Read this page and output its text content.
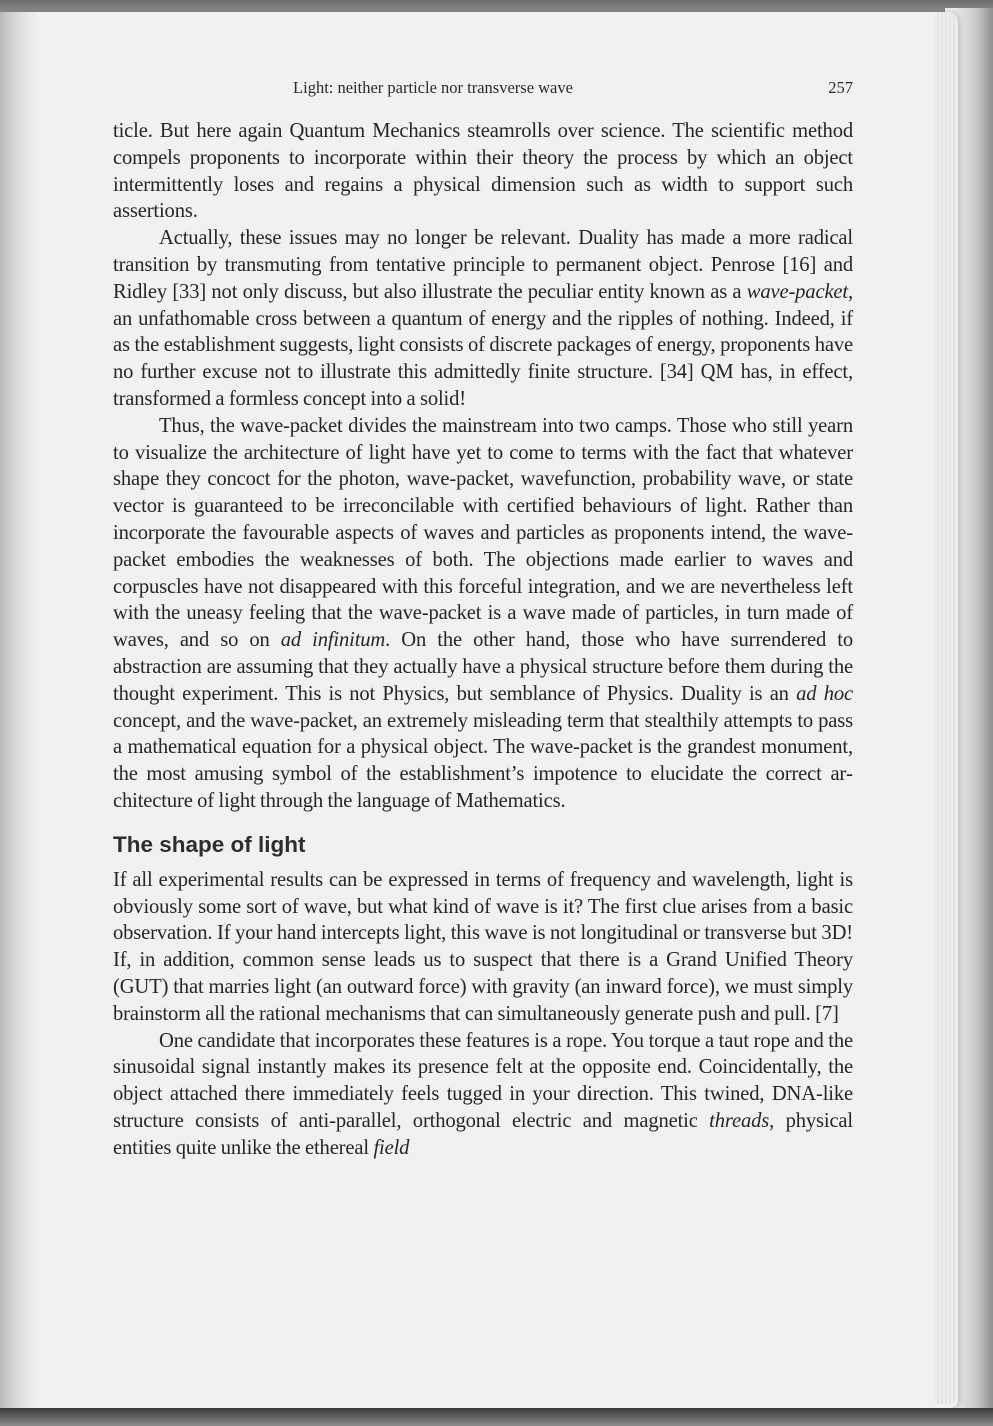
Light: neither particle nor transverse wave	257

ticle. But here again Quantum Mechanics steamrolls over science. The scientific method compels proponents to incorporate within their theory the process by which an object intermittently loses and regains a physical dimension such as width to support such assertions.

Actually, these issues may no longer be relevant. Duality has made a more radical transition by transmuting from tentative principle to permanent object. Penrose [16] and Ridley [33] not only discuss, but also illustrate the peculiar entity known as a wave-packet, an unfathomable cross between a quantum of energy and the ripples of nothing. Indeed, if as the establishment suggests, light consists of discrete packages of energy, proponents have no further excuse not to illustrate this admittedly finite structure. [34] QM has, in effect, transformed a formless concept into a solid!

Thus, the wave-packet divides the mainstream into two camps. Those who still yearn to visualize the architecture of light have yet to come to terms with the fact that whatever shape they concoct for the photon, wave-packet, wavefunction, probability wave, or state vector is guaranteed to be irreconcilable with certified behaviours of light. Rather than incorporate the favourable aspects of waves and particles as proponents intend, the wave-packet embodies the weaknesses of both. The objections made earlier to waves and corpuscles have not disappeared with this forceful integration, and we are nevertheless left with the uneasy feeling that the wave-packet is a wave made of particles, in turn made of waves, and so on ad infinitum. On the other hand, those who have surrendered to abstraction are assuming that they actually have a physical structure before them during the thought experiment. This is not Physics, but semblance of Physics. Duality is an ad hoc concept, and the wave-packet, an extremely misleading term that stealthily attempts to pass a mathematical equation for a physical object. The wave-packet is the grandest monument, the most amusing symbol of the establishment’s impotence to elucidate the correct architecture of light through the language of Mathematics.

The shape of light

If all experimental results can be expressed in terms of frequency and wavelength, light is obviously some sort of wave, but what kind of wave is it? The first clue arises from a basic observation. If your hand intercepts light, this wave is not longitudinal or transverse but 3D! If, in addition, common sense leads us to suspect that there is a Grand Unified Theory (GUT) that marries light (an outward force) with gravity (an inward force), we must simply brainstorm all the rational mechanisms that can simultaneously generate push and pull. [7]

One candidate that incorporates these features is a rope. You torque a taut rope and the sinusoidal signal instantly makes its presence felt at the opposite end. Coincidentally, the object attached there immediately feels tugged in your direction. This twined, DNA-like structure consists of anti-parallel, orthogonal electric and magnetic threads, physical entities quite unlike the ethereal field
